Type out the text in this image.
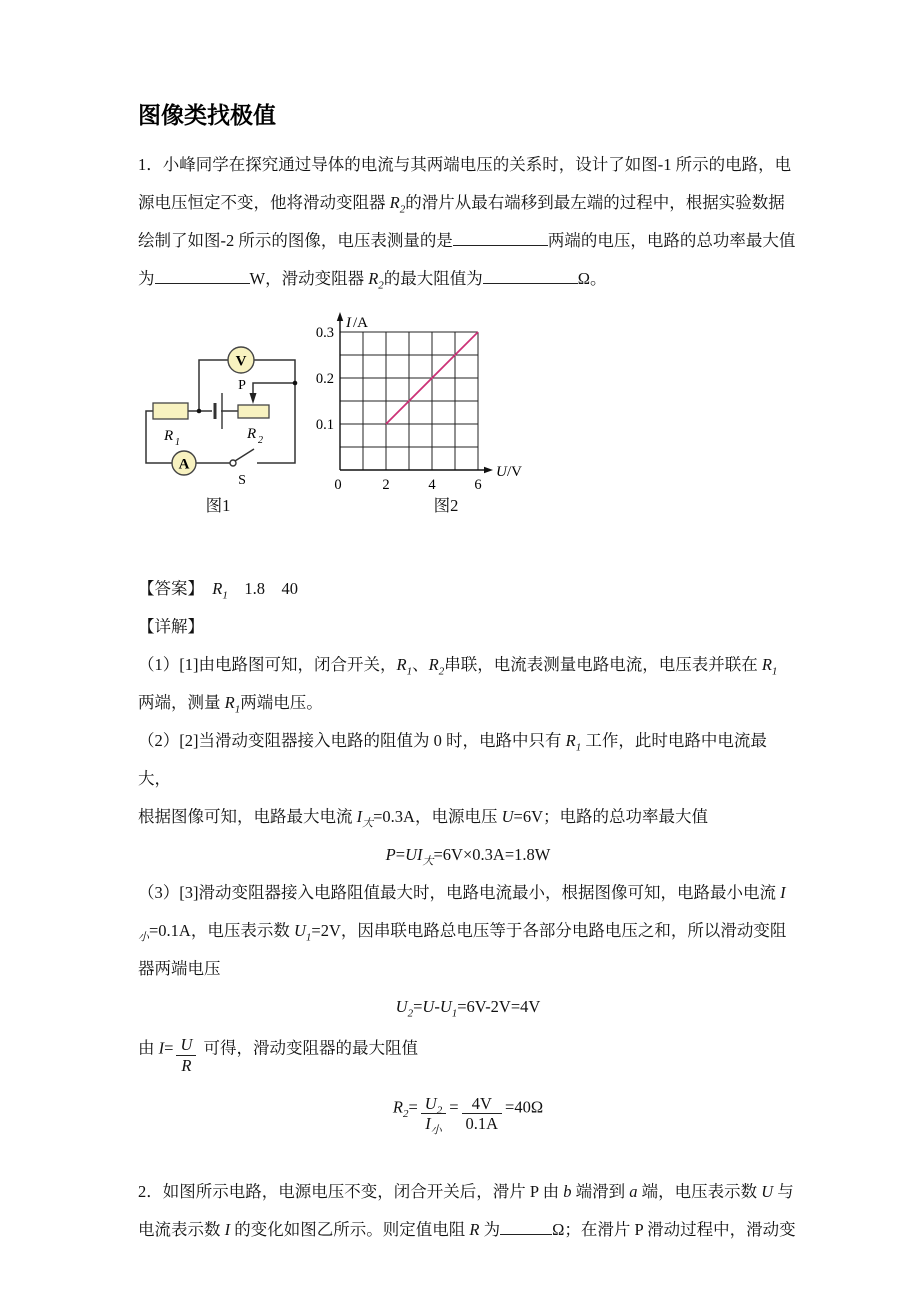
图像类找极值
1．小峰同学在探究通过导体的电流与其两端电压的关系时，设计了如图-1 所示的电路，电
源电压恒定不变，他将滑动变阻器 $R_2$的滑片从最右端移到最左端的过程中，根据实验数据
绘制了如图-2 所示的图像，电压表测量的是	两端的电压，电路的总功率最大值
为	W，滑动变阻器 $R_2$的最大阻值为	Ω。
V
A
P
S
R 1
R 2
0.3
0.2
0.1
0	2	4	6
I /A
U /V
图1	图2
【答案】　$R_1$　1.8　40
【详解】
（1）[1]由电路图可知，闭合开关，$R_1$、$R_2$串联，电流表测量电路电流，电压表并联在 $R_1$
两端，测量 $R_1$两端电压。
（2）[2]当滑动变阻器接入电路的阻值为 0 时，电路中只有 $R_1$ 工作，此时电路中电流最大，
根据图像可知，电路最大电流 $I_大=0.3A$，电源电压 U=6V；电路的总功率最大值
$P=UI_大=6V\times 0.3A=1.8W$
（3）[3]滑动变阻器接入电路阻值最大时，电路电流最小，根据图像可知，电路最小电流 I
$_小$=0.1A，电压表示数 $U_1=2V$，因串联电路总电压等于各部分电路电压之和，所以滑动变阻
器两端电压
$U_2=U-U_1=6V-2V=4V$
由 $I= \frac{U}{R}$ 可得，滑动变阻器的最大阻值
$R_2= \frac{U_2}{I_小} = \frac{4V}{0.1A} =40\Omega$
2．如图所示电路，电源电压不变，闭合开关后，滑片 P 由 b 端滑到 a 端，电压表示数 U 与
电流表示数 I 的变化如图乙所示。则定值电阻 R 为	Ω；在滑片 P 滑动过程中，滑动变
